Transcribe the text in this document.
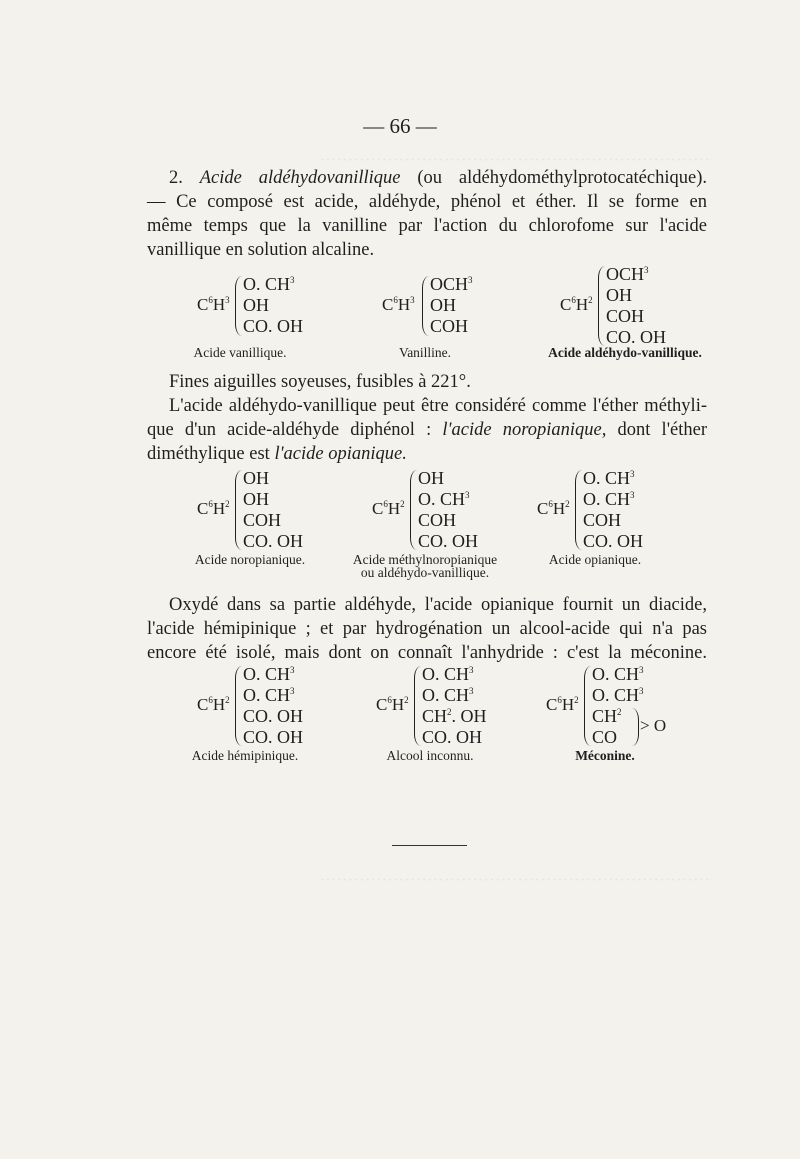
·····································································
·····································································
— 66 —
2. Acide aldéhydovanillique (ou aldéhydométhylprotocatéchique).
— Ce composé est acide, aldéhyde, phénol et éther. Il se forme en
même temps que la vanilline par l'action du chlorofome sur l'acide
vanillique en solution alcaline.
$C^6H^3$
O. $CH^3$
OH
CO. OH
$C^6H^3$
OCH$^3$
OH
COH
$C^6H^2$
OCH$^3$
OH
COH
CO. OH
Acide vanillique.	Vanilline.	Acide aldéhydo-vanillique.
Fines aiguilles soyeuses, fusibles à 221°.
L'acide aldéhydo-vanillique peut être considéré comme l'éther méthyli-
que d'un acide-aldéhyde diphénol : l'acide noropianique, dont l'éther
diméthylique est l'acide opianique.
$C^6H^2$
OH
OH
COH
CO. OH
$C^6H^2$
OH
O. $CH^3$
COH
CO. OH
$C^6H^2$
O. $CH^3$
O. $CH^3$
COH
CO. OH
Acide noropianique.	Acide méthylnoropianique
ou aldéhydo-vanillique.
Acide opianique.
Oxydé dans sa partie aldéhyde, l'acide opianique fournit un diacide,
l'acide hémipinique ; et par hydrogénation un alcool-acide qui n'a pas
encore été isolé, mais dont on connaît l'anhydride : c'est la méconine.
$C^6H^2$
O. $CH^3$
O. $CH^3$
CO. OH
CO. OH
$C^6H^2$
O. $CH^3$
O. $CH^3$
$CH^2$. OH
CO. OH
$C^6H^2$
O. $CH^3$
O. $CH^3$
$CH^2$
CO
> O
Acide hémipinique.	Alcool inconnu.	Méconine.
